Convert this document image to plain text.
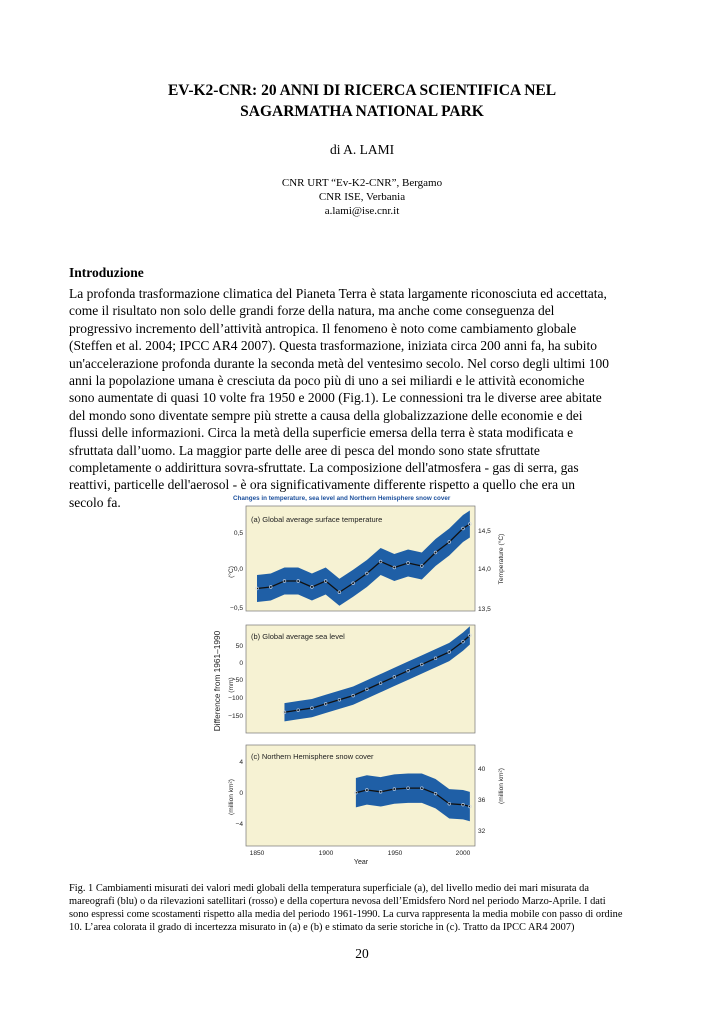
EV-K2-CNR: 20 ANNI DI RICERCA SCIENTIFICA NEL
SAGARMATHA NATIONAL PARK
di A. LAMI
CNR URT “Ev-K2-CNR”, Bergamo
CNR ISE, Verbania
a.lami@ise.cnr.it
Introduzione
La profonda trasformazione climatica del Pianeta Terra è stata largamente riconosciuta ed accettata,
come il risultato non solo delle grandi forze della natura, ma anche come conseguenza del
progressivo incremento dell’attività antropica. Il fenomeno è noto come cambiamento globale
(Steffen et al. 2004; IPCC AR4 2007). Questa trasformazione, iniziata circa 200 anni fa, ha subito
un'accelerazione profonda durante la seconda metà del ventesimo secolo. Nel corso degli ultimi 100
anni la popolazione umana è cresciuta da poco più di uno a sei miliardi e le attività economiche
sono aumentate di quasi 10 volte fra 1950 e 2000 (Fig.1). Le connessioni tra le diverse aree abitate
del mondo sono diventate sempre più strette a causa della globalizzazione delle economie e dei
flussi delle informazioni. Circa la metà della superficie emersa della terra è stata modificata e
sfruttata dall’uomo. La maggior parte delle aree di pesca del mondo sono state sfruttate
completamente o addirittura sovra-sfruttate. La composizione dell'atmosfera - gas di serra, gas
reattivi, particelle dell'aerosol - è ora significativamente differente rispetto a quello che era un
secolo fa.	Changes in temperature, sea level and Northern Hemisphere snow cover
(a) Global average surface temperature
(b) Global average sea level
(c) Northern Hemisphere snow cover
0,5
0,0
−0,5
14,5
14,0
13,5
(°C)	Temperature (°C)
50
0
−50
−100
−150
(mm)
Difference from 1961–1990
4
0
−4
40
36
32
(million km²)	(million km²)
1850	1900	1950	2000
Year
Fig. 1 Cambiamenti misurati dei valori medi globali della temperatura superficiale (a), del livello medio dei mari misurata da
mareografi (blu) o da rilevazioni satellitari (rosso) e della copertura nevosa dell’Emidsfero Nord nel periodo Marzo-Aprile. I dati
sono espressi come scostamenti rispetto alla media del periodo 1961-1990. La curva rappresenta la media mobile con passo di ordine
10. L’area colorata il grado di incertezza misurato in (a) e (b) e stimato da serie storiche in (c). Tratto da IPCC AR4 2007)
20
